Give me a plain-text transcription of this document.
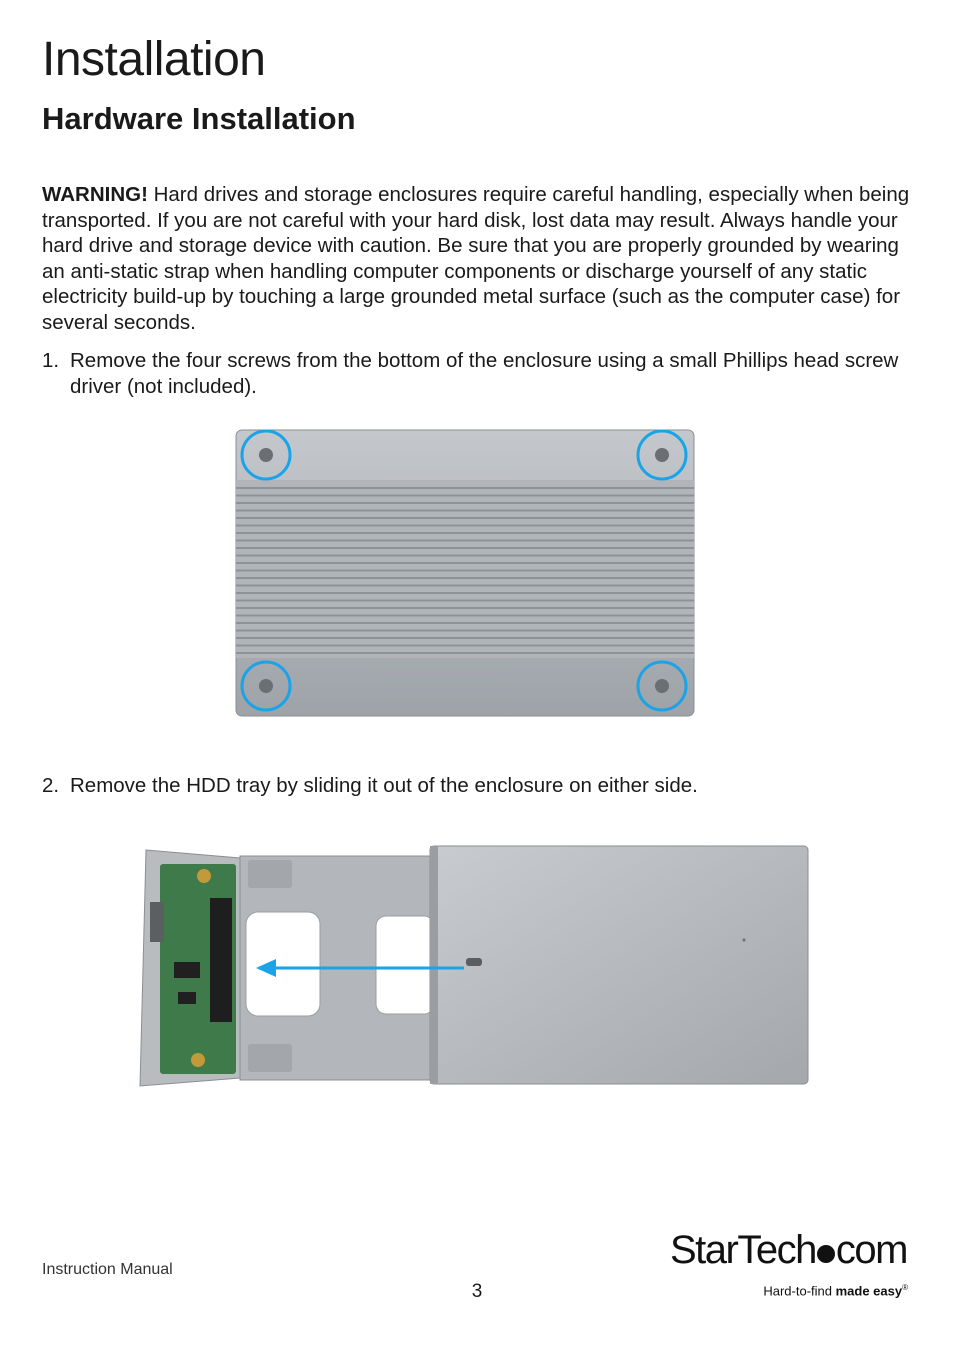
Installation
Hardware Installation

WARNING! Hard drives and storage enclosures require careful handling, especially when being transported. If you are not careful with your hard disk, lost data may result. Always handle your hard drive and storage device with caution. Be sure that you are properly grounded by wearing an anti-static strap when handling computer components or discharge yourself of any static electricity build-up by touching a large grounded metal surface (such as the computer case) for several seconds.

1. Remove the four screws from the bottom of the enclosure using a small Phillips head screw driver (not included).
2. Remove the HDD tray by sliding it out of the enclosure on either side.
Instruction Manual
3
StarTech com
Hard-to-find made easy®
